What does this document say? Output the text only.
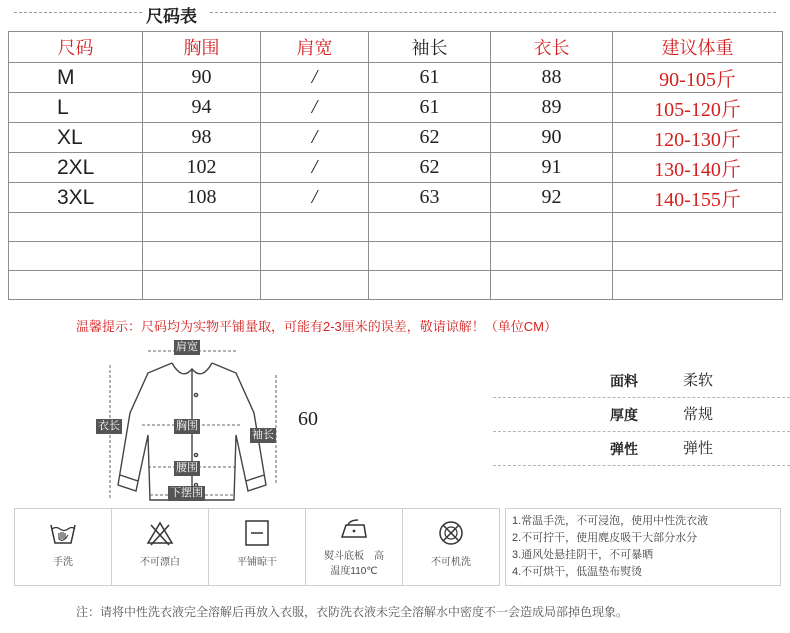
尺码表
尺码	胸围	肩宽	袖长	衣长	建议体重
M	90	/	61	88	90-105斤
L	94	/	61	89	105-120斤
XL	98	/	62	90	120-130斤
2XL	102	/	62	91	130-140斤
3XL	108	/	63	92	140-155斤

温馨提示：尺码均为实物平铺量取，可能有2-3厘米的误差，敬请谅解！（单位CM）
肩宽
衣长	胸围
袖长
腰围
下摆围
60
面料	柔软
厚度	常规
弹性	弹性
手洗	不可漂白	平铺晾干	
熨斗底板　高
温度110℃

不可机洗
1.常温手洗，不可浸泡，使用中性洗衣液
2.不可拧干，使用麂皮吸干大部分水分
3.通风处悬挂阴干，不可暴晒
4.不可烘干，低温垫布熨烫
注：请将中性洗衣液完全溶解后再放入衣服，衣防洗衣液未完全溶解水中密度不一会造成局部掉色现象。
